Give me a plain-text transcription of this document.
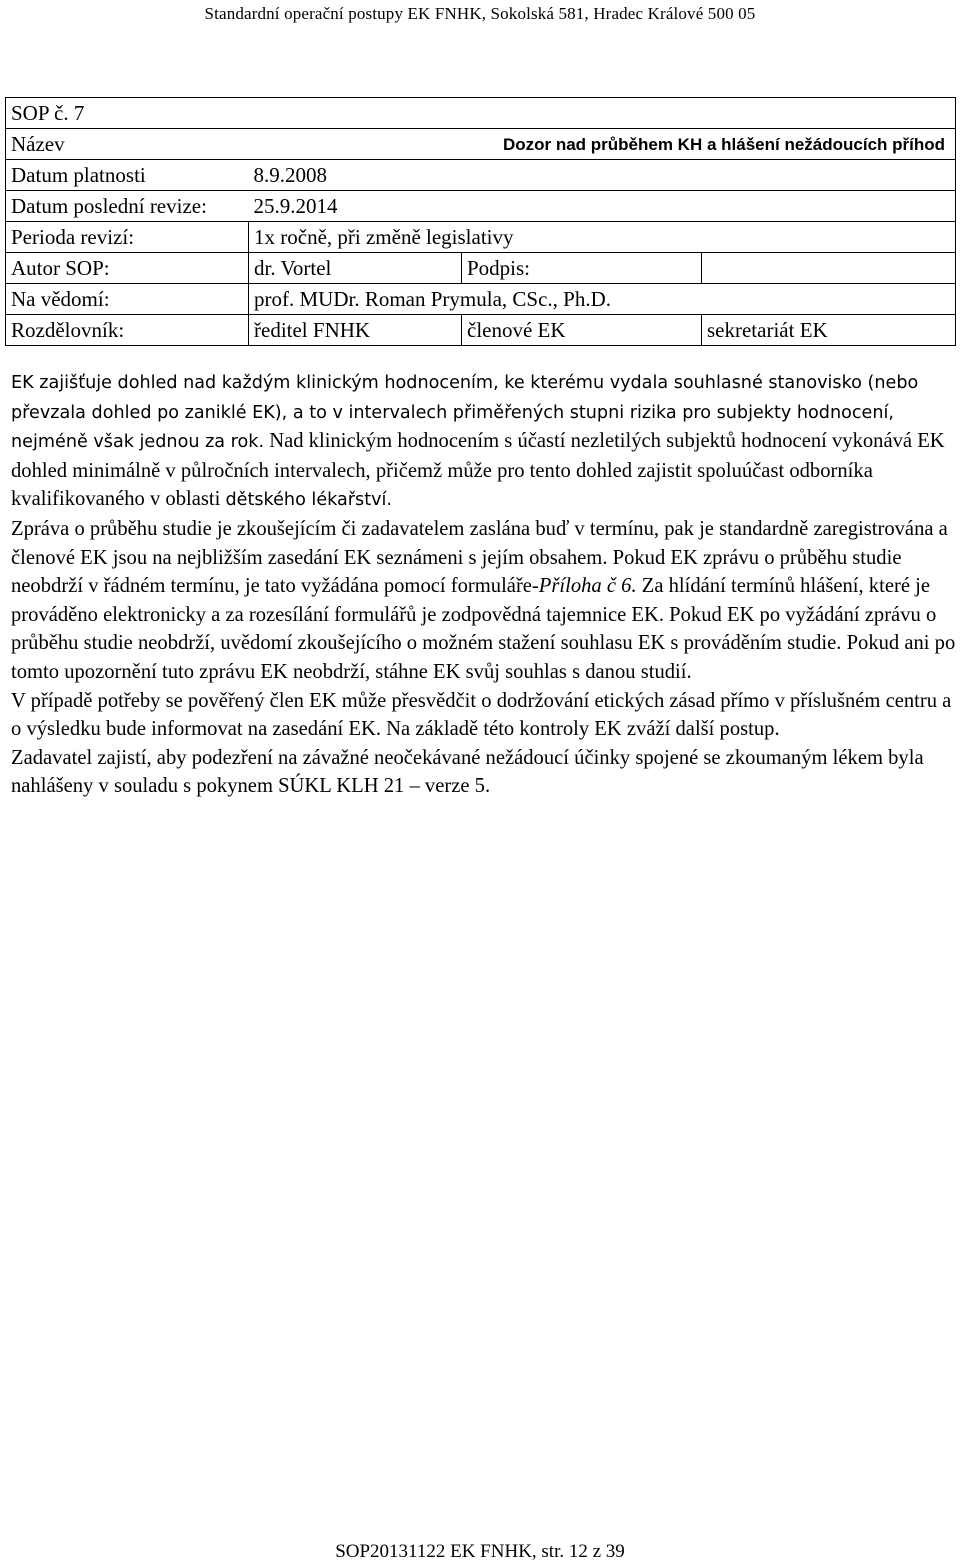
Standardní operační postupy EK FNHK, Sokolská 581, Hradec Králové 500 05
SOP č. 7			
Název	Dozor nad průběhem KH a hlášení nežádoucích příhod		
Datum platnosti	8.9.2008		
Datum poslední revize:	25.9.2014		
Perioda revizí:	1x ročně, při změně legislativy		
Autor SOP:	dr. Vortel	Podpis:	
Na vědomí:	prof. MUDr. Roman Prymula, CSc., Ph.D.		
Rozdělovník:	ředitel FNHK	členové EK	sekretariát EK

EK zajišťuje dohled nad každým klinickým hodnocením, ke kterému vydala souhlasné stanovisko (nebo převzala dohled po zaniklé EK), a to v intervalech přiměřených stupni rizika pro subjekty hodnocení, nejméně však jednou za rok. Nad klinickým hodnocením s účastí nezletilých subjektů hodnocení vykonává EK dohled minimálně v půlročních intervalech, přičemž může pro tento dohled zajistit spoluúčast odborníka kvalifikovaného v oblasti dětského lékařství.

Zpráva o průběhu studie je zkoušejícím či zadavatelem zaslána buď v termínu, pak je standardně zaregistrována a členové EK jsou na nejbližším zasedání EK seznámeni s jejím obsahem. Pokud EK zprávu o průběhu studie neobdrží v řádném termínu, je tato vyžádána pomocí formuláře-Příloha č 6. Za hlídání termínů hlášení, které je prováděno elektronicky a za rozesílání formulářů je zodpovědná tajemnice EK. Pokud EK po vyžádání zprávu o průběhu studie neobdrží, uvědomí zkoušejícího o možném stažení souhlasu EK s prováděním studie. Pokud ani po tomto upozornění tuto zprávu EK neobdrží, stáhne EK svůj souhlas s danou studií.

V případě potřeby se pověřený člen EK může přesvědčit o dodržování etických zásad přímo v příslušném centru a o výsledku bude informovat na zasedání EK. Na základě této kontroly EK zváží další postup.

Zadavatel zajistí, aby podezření na závažné neočekávané nežádoucí účinky spojené se zkoumaným lékem byla nahlášeny v souladu s pokynem SÚKL KLH 21 – verze 5.

SOP20131122 EK FNHK, str. 12 z 39
